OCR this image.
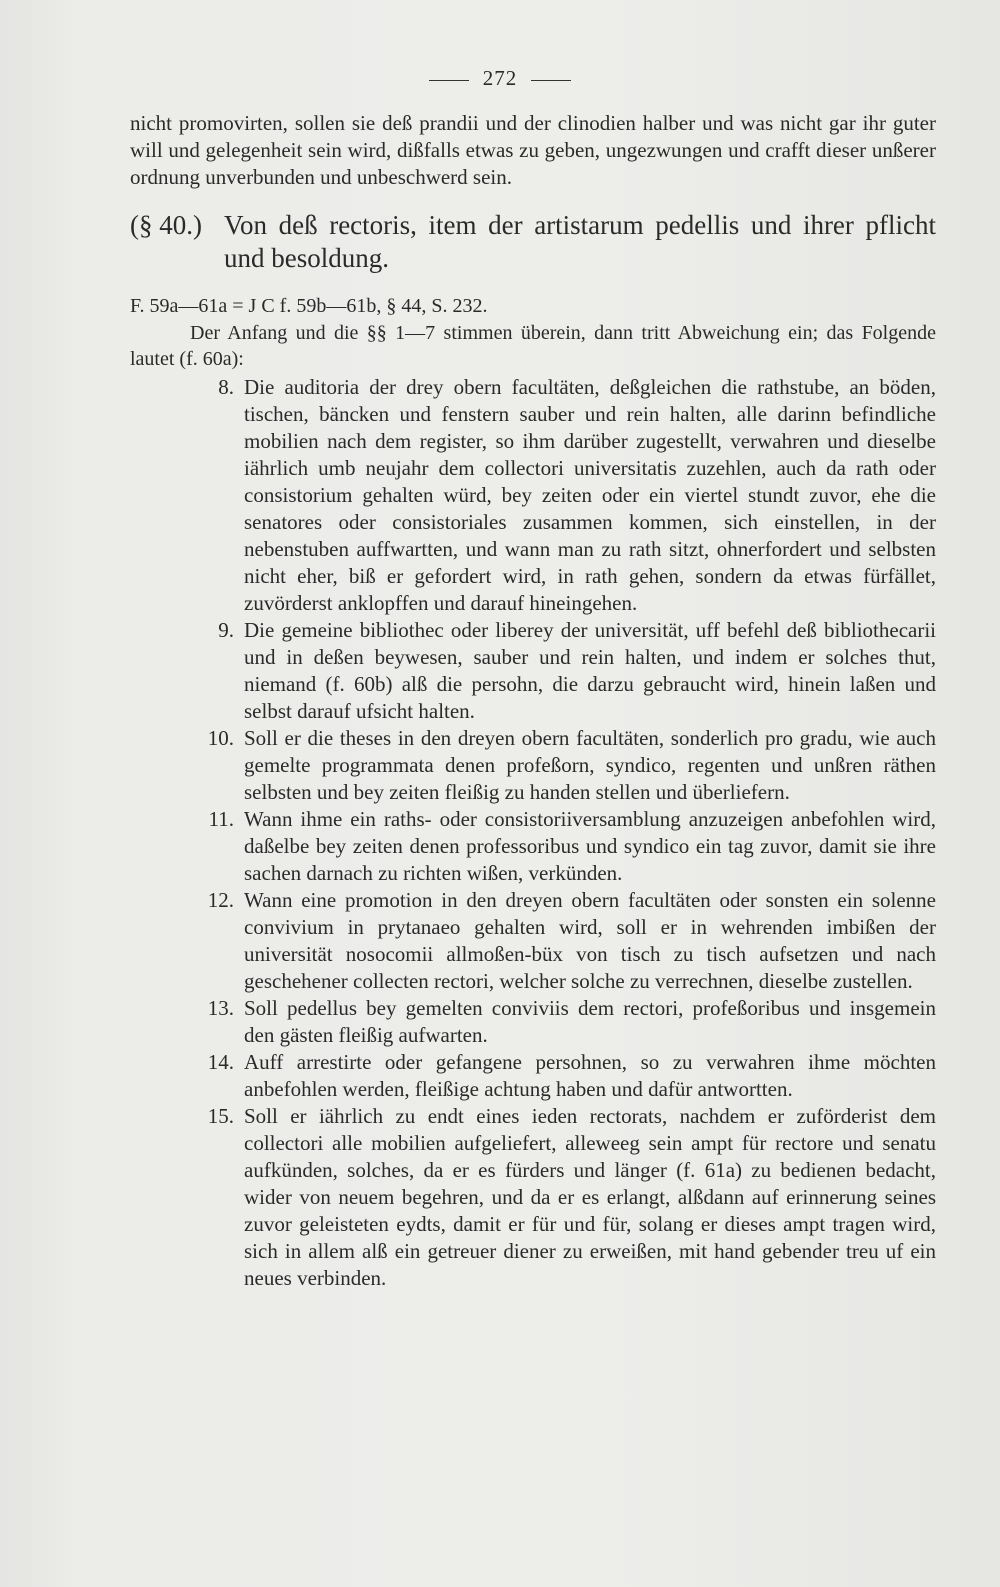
272

nicht promovirten, sollen sie deß prandii und der clinodien halber und was nicht gar ihr guter will und gelegenheit sein wird, dißfalls etwas zu geben, ungezwungen und crafft dieser unßerer ordnung unverbunden und unbeschwerd sein.

(§ 40.) Von deß rectoris, item der artistarum pedellis und ihrer pflicht und besoldung.

F. 59a—61a = J C f. 59b—61b, § 44, S. 232.

Der Anfang und die §§ 1—7 stimmen überein, dann tritt Abweichung ein; das Folgende lautet (f. 60a):

8. Die auditoria der drey obern facultäten, deßgleichen die rathstube, an böden, tischen, bäncken und fenstern sauber und rein halten, alle darinn befindliche mobilien nach dem register, so ihm darüber zugestellt, verwahren und dieselbe iährlich umb neujahr dem collectori universitatis zuzehlen, auch da rath oder consistorium gehalten würd, bey zeiten oder ein viertel stundt zuvor, ehe die senatores oder consistoriales zusammen kommen, sich einstellen, in der nebenstuben auffwartten, und wann man zu rath sitzt, ohnerfordert und selbsten nicht eher, biß er gefordert wird, in rath gehen, sondern da etwas fürfället, zuvörderst anklopffen und darauf hineingehen.
9. Die gemeine bibliothec oder liberey der universität, uff befehl deß bibliothecarii und in deßen beywesen, sauber und rein halten, und indem er solches thut, niemand (f. 60b) alß die persohn, die darzu gebraucht wird, hinein laßen und selbst darauf ufsicht halten.
10. Soll er die theses in den dreyen obern facultäten, sonderlich pro gradu, wie auch gemelte programmata denen profeßorn, syndico, regenten und unßren räthen selbsten und bey zeiten fleißig zu handen stellen und überliefern.
11. Wann ihme ein raths- oder consistoriiversamblung anzuzeigen anbefohlen wird, daßelbe bey zeiten denen professoribus und syndico ein tag zuvor, damit sie ihre sachen darnach zu richten wißen, verkünden.
12. Wann eine promotion in den dreyen obern facultäten oder sonsten ein solenne convivium in prytanaeo gehalten wird, soll er in wehrenden imbißen der universität nosocomii allmoßen-büx von tisch zu tisch aufsetzen und nach geschehener collecten rectori, welcher solche zu verrechnen, dieselbe zustellen.
13. Soll pedellus bey gemelten conviviis dem rectori, profeßoribus und insgemein den gästen fleißig aufwarten.
14. Auff arrestirte oder gefangene persohnen, so zu verwahren ihme möchten anbefohlen werden, fleißige achtung haben und dafür antwortten.
15. Soll er iährlich zu endt eines ieden rectorats, nachdem er zuförderist dem collectori alle mobilien aufgeliefert, alleweeg sein ampt für rectore und senatu aufkünden, solches, da er es fürders und länger (f. 61a) zu bedienen bedacht, wider von neuem begehren, und da er es erlangt, alßdann auf erinnerung seines zuvor geleisteten eydts, damit er für und für, solang er dieses ampt tragen wird, sich in allem alß ein getreuer diener zu erweißen, mit hand gebender treu uf ein neues verbinden.
